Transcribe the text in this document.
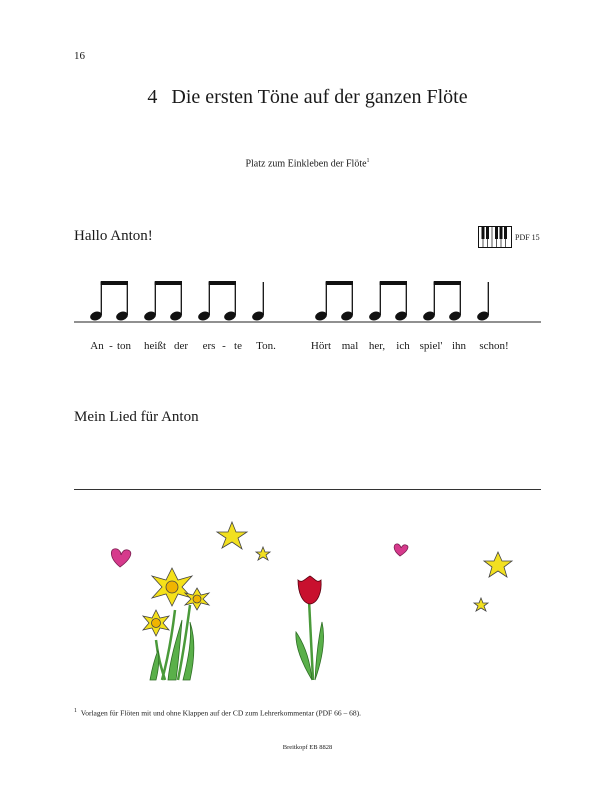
16
4 Die ersten Töne auf der ganzen Flöte
Platz zum Einkleben der Flöte$^1$
Hallo Anton!	PDF 15
An - ton heißt der ers - te Ton.	Hört mal her, ich spiel' ihn schon!
Mein Lied für Anton
$^1$ Vorlagen für Flöten mit und ohne Klappen auf der CD zum Lehrerkommentar (PDF 66 – 68).
Breitkopf EB 8828
